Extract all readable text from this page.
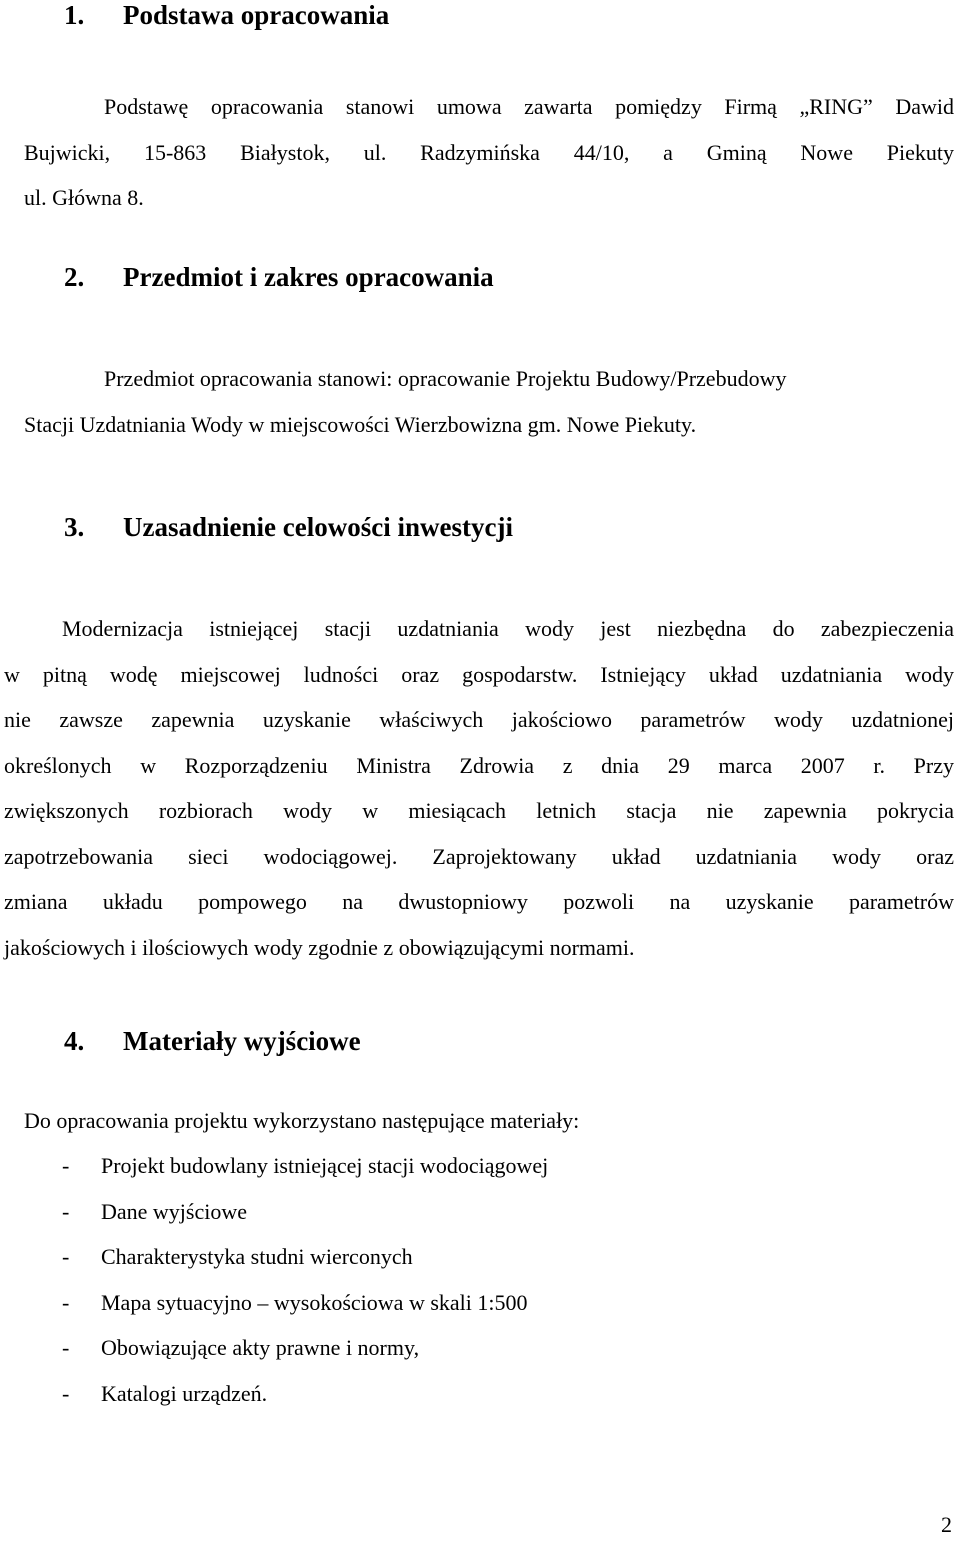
1. Podstawa opracowania
Podstawę opracowania stanowi umowa zawarta pomiędzy Firmą „RING” Dawid
Bujwicki, 15-863 Białystok, ul. Radzymińska 44/10, a Gminą Nowe Piekuty
ul. Główna 8.
2. Przedmiot i zakres opracowania
Przedmiot opracowania stanowi: opracowanie Projektu Budowy/Przebudowy
Stacji Uzdatniania Wody w miejscowości Wierzbowizna gm. Nowe Piekuty.
3. Uzasadnienie celowości inwestycji
Modernizacja istniejącej stacji uzdatniania wody jest niezbędna do zabezpieczenia
w pitną wodę miejscowej ludności oraz gospodarstw. Istniejący układ uzdatniania wody
nie zawsze zapewnia uzyskanie właściwych jakościowo parametrów wody uzdatnionej
określonych w Rozporządzeniu Ministra Zdrowia z dnia 29 marca 2007 r. Przy
zwiększonych rozbiorach wody w miesiącach letnich stacja nie zapewnia pokrycia
zapotrzebowania sieci wodociągowej. Zaprojektowany układ uzdatniania wody oraz
zmiana układu pompowego na dwustopniowy pozwoli na uzyskanie parametrów
jakościowych i ilościowych wody zgodnie z obowiązującymi normami.
4. Materiały wyjściowe
Do opracowania projektu wykorzystano następujące materiały:
- Projekt budowlany istniejącej stacji wodociągowej
- Dane wyjściowe
- Charakterystyka studni wierconych
- Mapa sytuacyjno – wysokościowa w skali 1:500
- Obowiązujące akty prawne i normy,
- Katalogi urządzeń.
2
